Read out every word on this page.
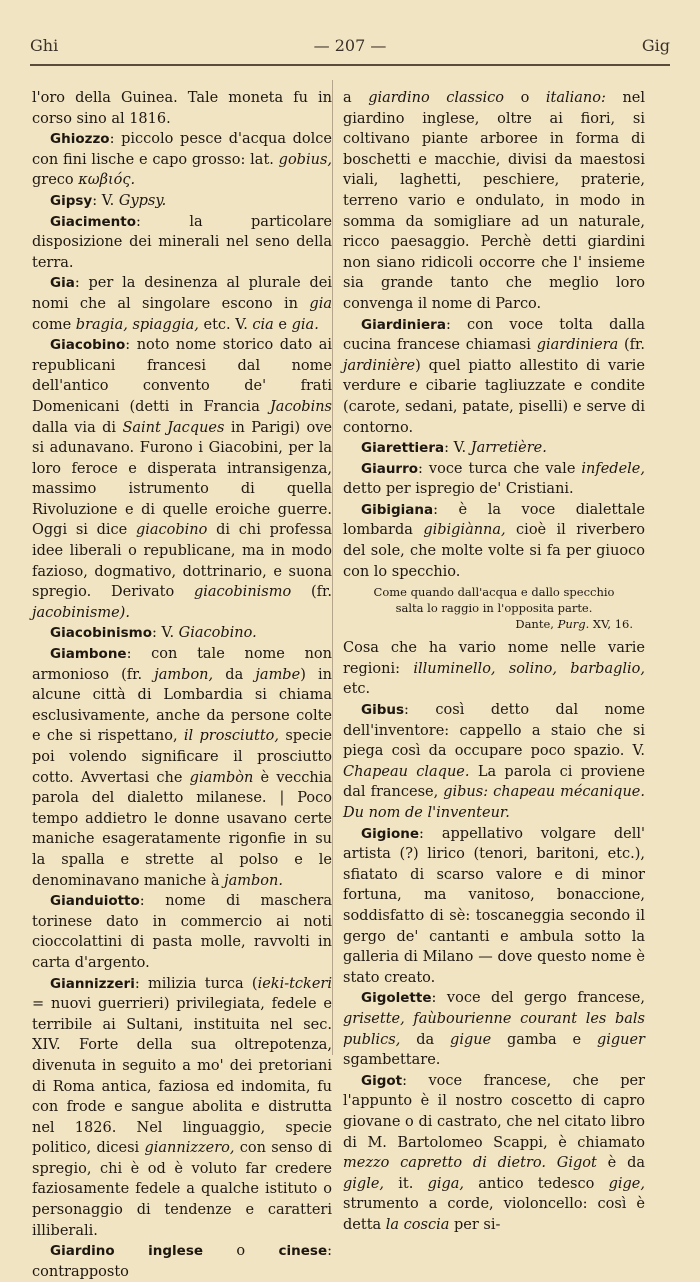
Ghi	— 207 —	Gig

l'oro della Guinea. Tale moneta fu in corso sino al 1816.

Ghiozzo: piccolo pesce d'acqua dolce con fini lische e capo grosso: lat. gobius, greco κωβιός.

Gipsy: V. Gypsy.

Giacimento: la particolare disposizione dei minerali nel seno della terra.

Gia: per la desinenza al plurale dei nomi che al singolare escono in gia come bragia, spiaggia, etc. V. cia e gia.

Giacobino: noto nome storico dato ai republicani francesi dal nome dell'antico convento de' frati Domenicani (detti in Francia Jacobins dalla via di Saint Jacques in Parigi) ove si adunavano. Furono i Giacobini, per la loro feroce e disperata intransigenza, massimo istrumento di quella Rivoluzione e di quelle eroiche guerre. Oggi si dice giacobino di chi professa idee liberali o republicane, ma in modo fazioso, dogmativo, dottrinario, e suona spregio. Derivato giacobinismo (fr. jacobinisme).

Giacobinismo: V. Giacobino.

Giambone: con tale nome non armonioso (fr. jambon, da jambe) in alcune città di Lombardia si chiama esclusivamente, anche da persone colte e che si rispettano, il prosciutto, specie poi volendo significare il prosciutto cotto. Avvertasi che giambòn è vecchia parola del dialetto milanese. | Poco tempo addietro le donne usavano certe maniche esageratamente rigonfie in su la spalla e strette al polso e le denominavano maniche à jambon.

Gianduiotto: nome di maschera torinese dato in commercio ai noti cioccolattini di pasta molle, ravvolti in carta d'argento.

Giannizzeri: milizia turca (iеki-tckeri = nuovi guerrieri) privilegiata, fedele e terribile ai Sultani, instituita nel sec. XIV. Forte della sua oltrepotenza, divenuta in seguito a mo' dei pretoriani di Roma antica, faziosa ed indomita, fu con frode e sangue abolita e distrutta nel 1826. Nel linguaggio, specie politico, dicesi giannizzero, con senso di spregio, chi è od è voluto far credere faziosamente fedele a qualche istituto o personaggio di tendenze e caratteri illiberali.

Giardino inglese o cinese: contrapposto

a giardino classico o italiano: nel giardino inglese, oltre ai fiori, si coltivano piante arboree in forma di boschetti e macchie, divisi da maestosi viali, laghetti, peschiere, praterie, terreno vario e ondulato, in modo in somma da somigliare ad un naturale, ricco paesaggio. Perchè detti giardini non siano ridicoli occorre che l' insieme sia grande tanto che meglio loro convenga il nome di Parco.

Giardiniera: con voce tolta dalla cucina francese chiamasi giardiniera (fr. jardinière) quel piatto allestito di varie verdure e cibarie tagliuzzate e condite (carote, sedani, patate, piselli) e serve di contorno.

Giarettiera: V. Jarretière.

Giaurro: voce turca che vale infedele, detto per ispregio de' Cristiani.

Gibigiana: è la voce dialettale lombarda gibigiànna, cioè il riverbero del sole, che molte volte si fa per giuoco con lo specchio.

Come quando dall'acqua e dallo specchio
salta lo raggio in l'opposita parte.
Dante, Purg. XV, 16.

Cosa che ha vario nome nelle varie regioni: illuminello, solino, barbaglio, etc.

Gibus: così detto dal nome dell'inventore: cappello a staio che si piega così da occupare poco spazio. V. Chapeau claque. La parola ci proviene dal francese, gibus: chapeau mécanique. Du nom de l'inventeur.

Gigione: appellativo volgare dell' artista (?) lirico (tenori, baritoni, etc.), sfiatato di scarso valore e di minor fortuna, ma vanitoso, bonaccione, soddisfatto di sè: toscaneggia secondo il gergo de' cantanti e ambula sotto la galleria di Milano — dove questo nome è stato creato.

Gigolette: voce del gergo francese, grisette, faùbourienne courant les bals publics, da gigue gamba e giguer sgambettare.

Gigot: voce francese, che per l'appunto è il nostro coscetto di capro giovane o di castrato, che nel citato libro di M. Bartolomeo Scappi, è chiamato mezzo capretto di dietro. Gigot è da gigle, it. giga, antico tedesco gige, strumento a corde, violoncello: così è detta la coscia per si-
